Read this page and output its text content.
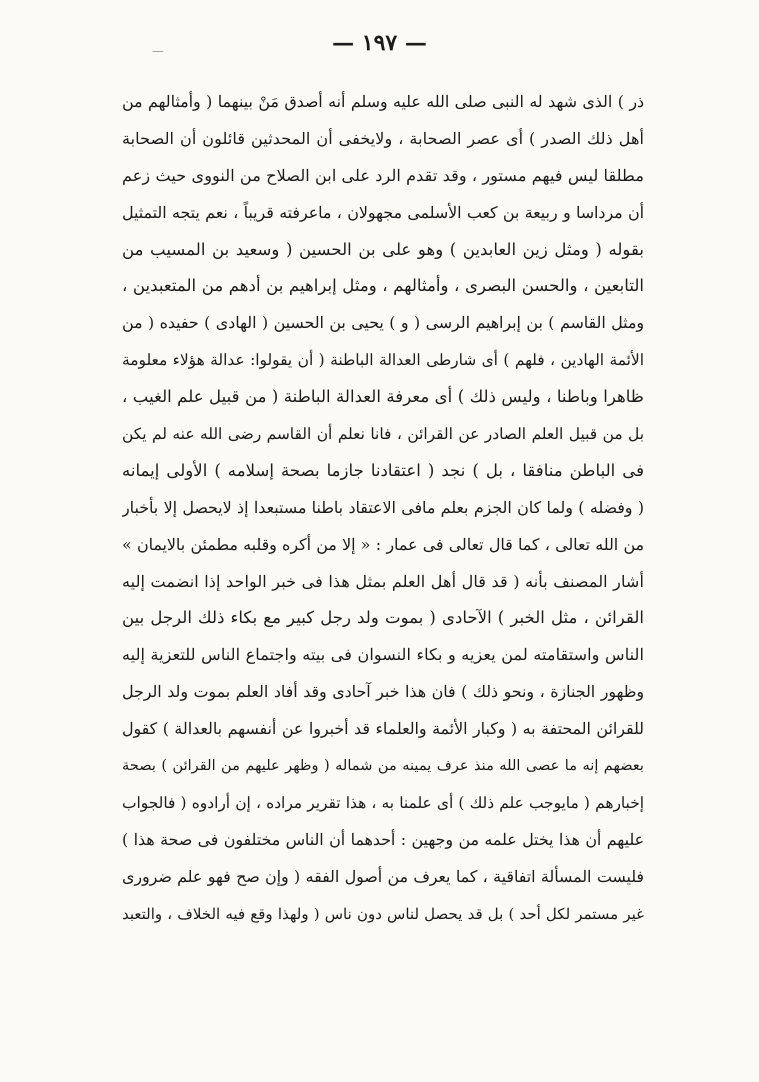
—	— ١٩٧ —
ذر ) الذى شهد له النبى صلى الله عليه وسلم أنه أصدق مَنْ بينهما ( وأمثالهم من
أهل ذلك الصدر ) أى عصر الصحابة ، ولايخفى أن المحدثين قائلون أن الصحابة
مطلقا ليس فيهم مستور ، وقد تقدم الرد على ابن الصلاح من النووى حيث زعم
أن مرداسا و ربيعة بن كعب الأسلمى مجهولان ، ماعرفته قريباً ، نعم يتجه التمثيل
بقوله ( ومثل زين العابدين ) وهو على بن الحسين ( وسعيد بن المسيب من
التابعين ، والحسن البصرى ، وأمثالهم ، ومثل إبراهيم بن أدهم من المتعبدين ،
ومثل القاسم ) بن إبراهيم الرسى ( و ) يحيى بن الحسين ( الهادى ) حفيده ( من
الأئمة الهادين ، فلهم ) أى شارطى العدالة الباطنة ( أن يقولوا: عدالة هؤلاء معلومة
ظاهرا وباطنا ، وليس ذلك ) أى معرفة العدالة الباطنة ( من قبيل علم الغيب ،
بل من قبيل العلم الصادر عن القرائن ، فانا نعلم أن القاسم رضى الله عنه لم يكن
فى الباطن منافقا ، بل ) نجد ( اعتقادنا جازما بصحة إسلامه ) الأولى إيمانه
( وفضله ) ولما كان الجزم بعلم مافى الاعتقاد باطنا مستبعدا إذ لايحصل إلا بأخبار
من الله تعالى ، كما قال تعالى فى عمار : « إلا من أكره وقلبه مطمئن بالايمان »
أشار المصنف بأنه ( قد قال أهل العلم بمثل هذا فى خبر الواحد إذا انضمت إليه
القرائن ، مثل الخبر ) الآحادى ( بموت ولد رجل كبير مع بكاء ذلك الرجل بين
الناس واستقامته لمن يعزيه و بكاء النسوان فى بيته واجتماع الناس للتعزية إليه
وظهور الجنازة ، ونحو ذلك ) فان هذا خبر آحادى وقد أفاد العلم بموت ولد الرجل
للقرائن المحتفة به ( وكبار الأئمة والعلماء قد أخبروا عن أنفسهم بالعدالة ) كقول
بعضهم إنه ما عصى الله منذ عرف يمينه من شماله ( وظهر عليهم من القرائن ) بصحة
إخبارهم ( مايوجب علم ذلك ) أى علمنا به ، هذا تقرير مراده ، إن أرادوه ( فالجواب
عليهم أن هذا يختل علمه من وجهين : أحدهما أن الناس مختلفون فى صحة هذا )
فليست المسألة اتفاقية ، كما يعرف من أصول الفقه ( وإن صح فهو علم ضرورى
غير مستمر لكل أحد ) بل قد يحصل لناس دون ناس ( ولهذا وقع فيه الخلاف ، والتعبد
